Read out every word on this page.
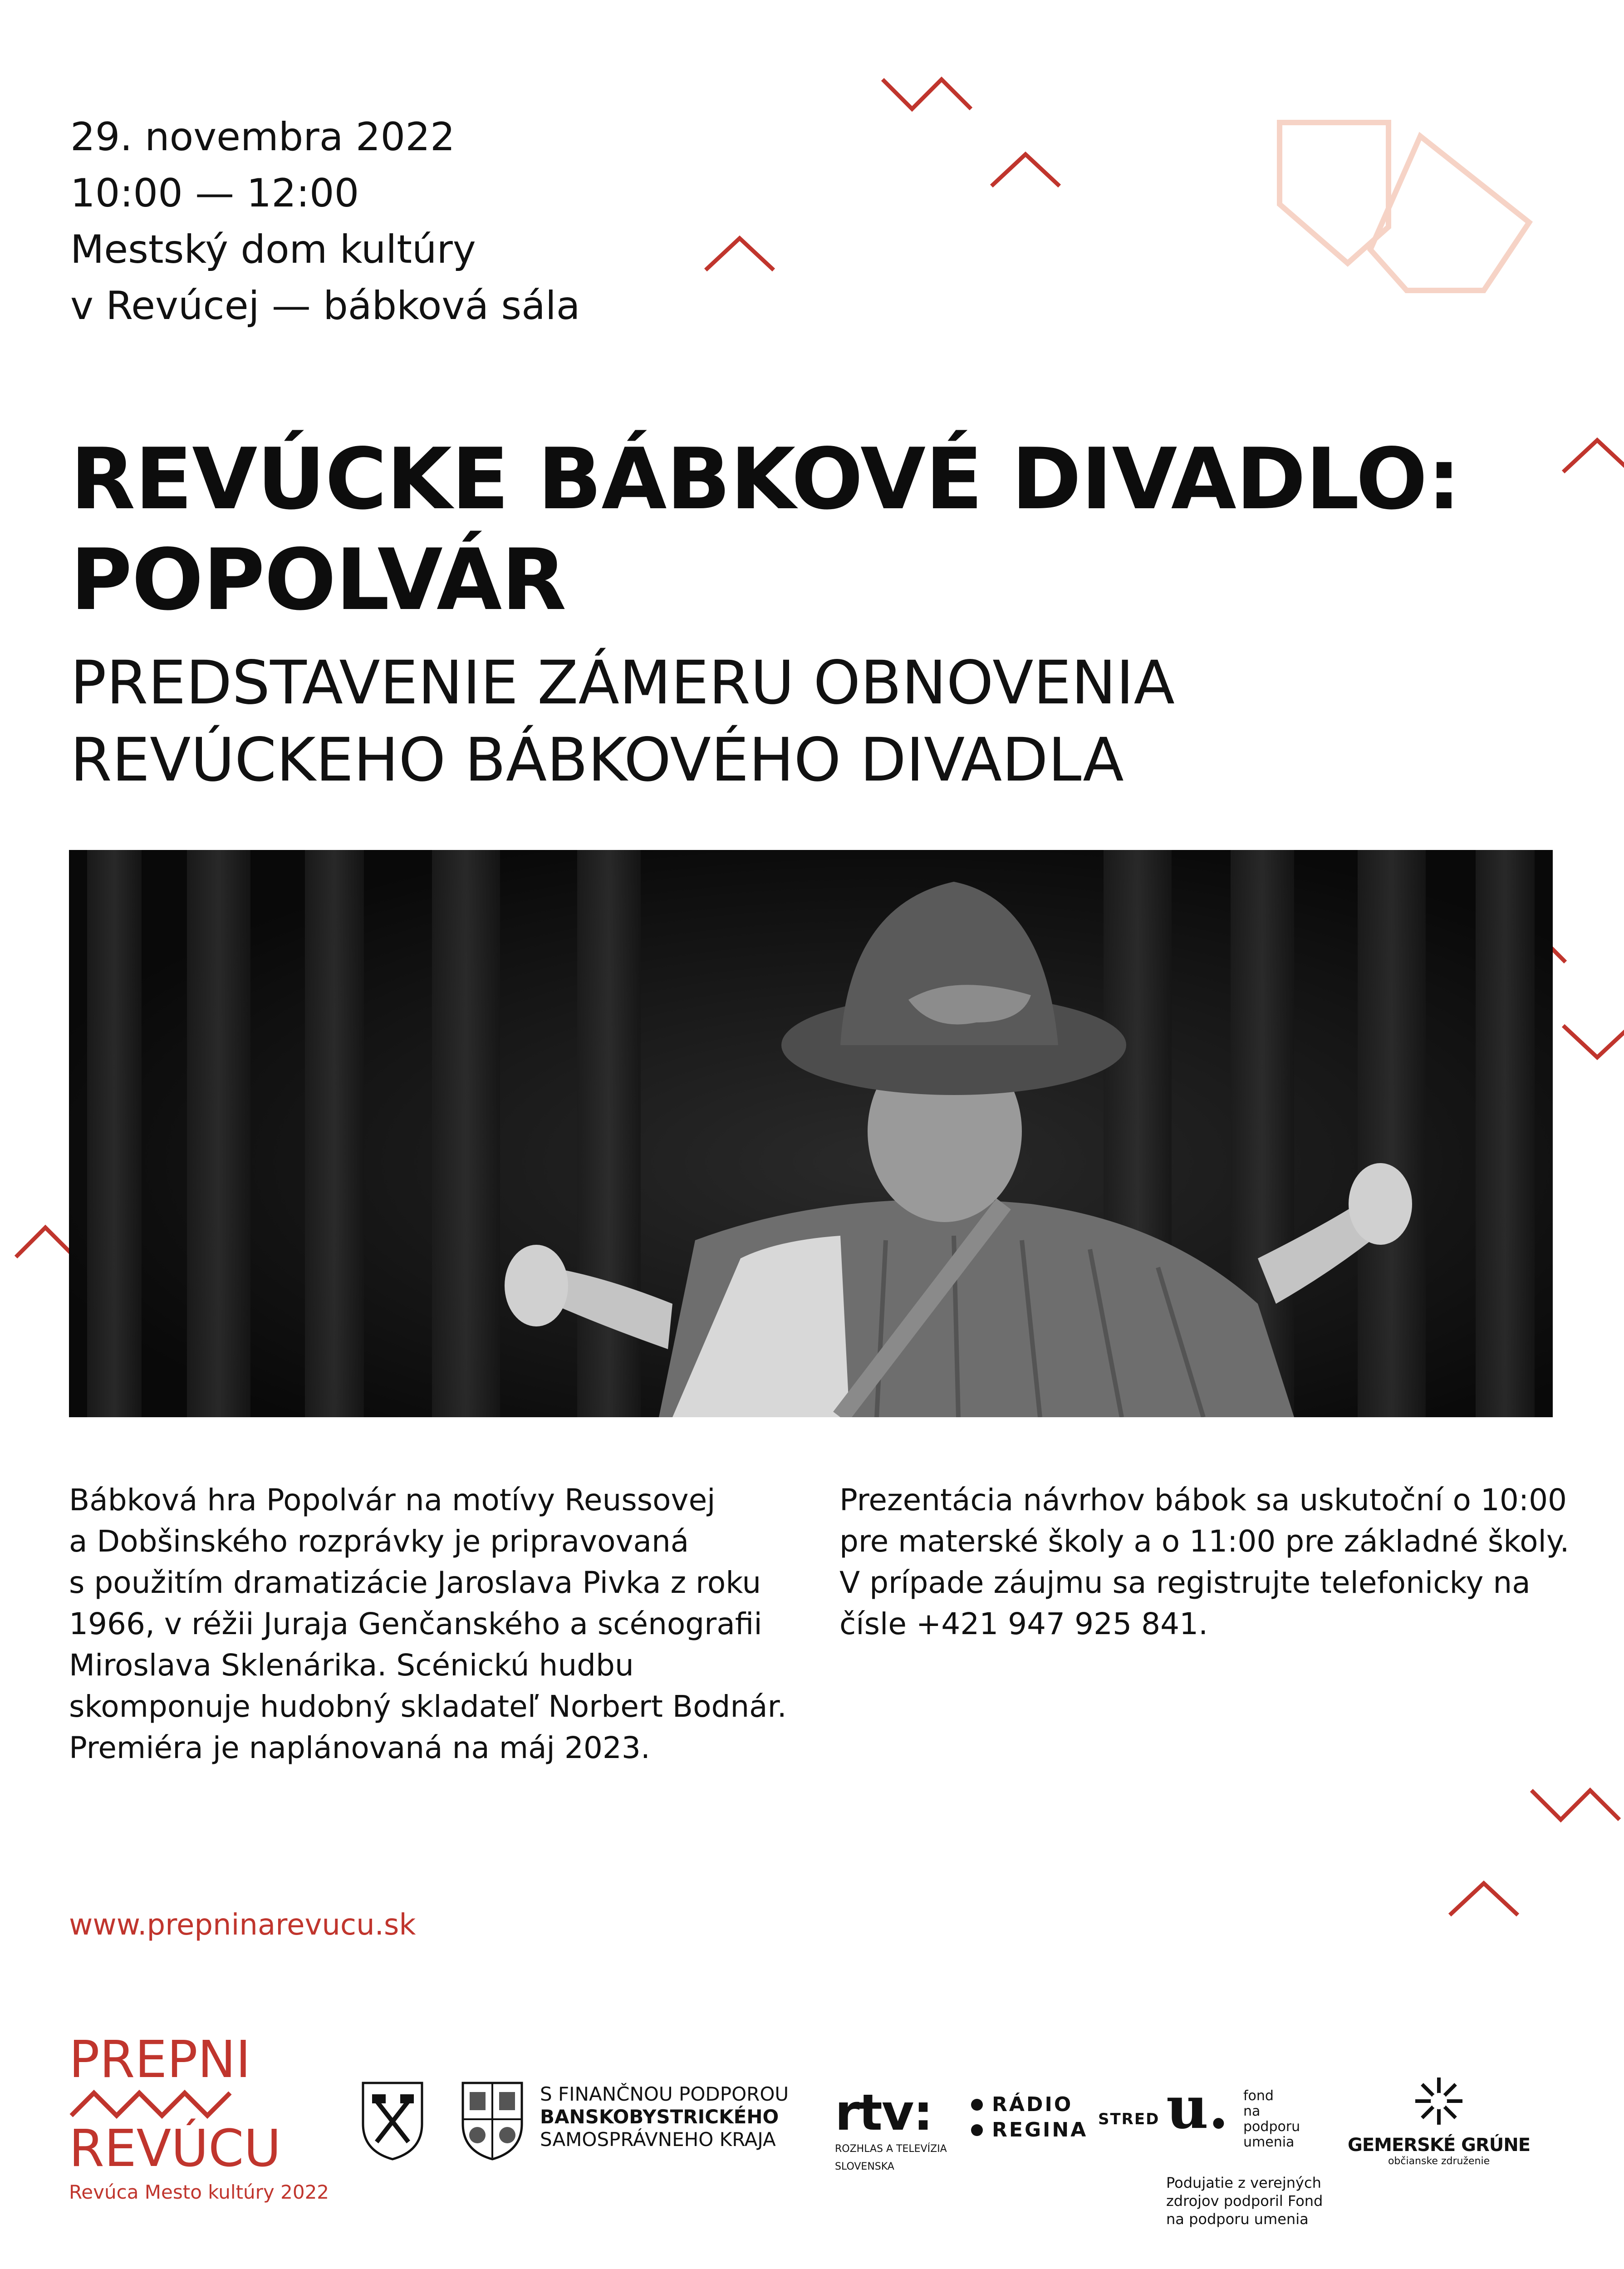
29. novembra 2022
10:00 — 12:00
Mestský dom kultúry
v Revúcej — bábková sála
REVÚCKE BÁBKOVÉ DIVADLO:
POPOLVÁR
PREDSTAVENIE ZÁMERU OBNOVENIA
REVÚCKEHO BÁBKOVÉHO DIVADLA
Bábková hra Popolvár na motívy Reussovej
a Dobšinského rozprávky je pripravovaná
s použitím dramatizácie Jaroslava Pivka z roku
1966, v réžii Juraja Genčanského a scénografii
Miroslava Sklenárika. Scénickú hudbu
skomponuje hudobný skladateľ Norbert Bodnár.
Premiéra je naplánovaná na máj 2023.
Prezentácia návrhov bábok sa uskutoční o 10:00
pre materské školy a o 11:00 pre základné školy.
V prípade záujmu sa registrujte telefonicky na
čísle +421 947 925 841.
www.prepninarevucu.sk
PREPNI
REVÚCU
Revúca Mesto kultúry 2022
S FINANČNOU PODPOROU
BANSKOBYSTRICKÉHO
SAMOSPRÁVNEHO KRAJA rtv:
ROZHLAS A TELEVÍZIA
SLOVENSKA
RÁDIO
REGINA STRED u. fond
na podporu
umenia
Podujatie z verejných
zdrojov podporil Fond
na podporu umenia
GEMERSKÉ GRÚNE
občianske združenie
